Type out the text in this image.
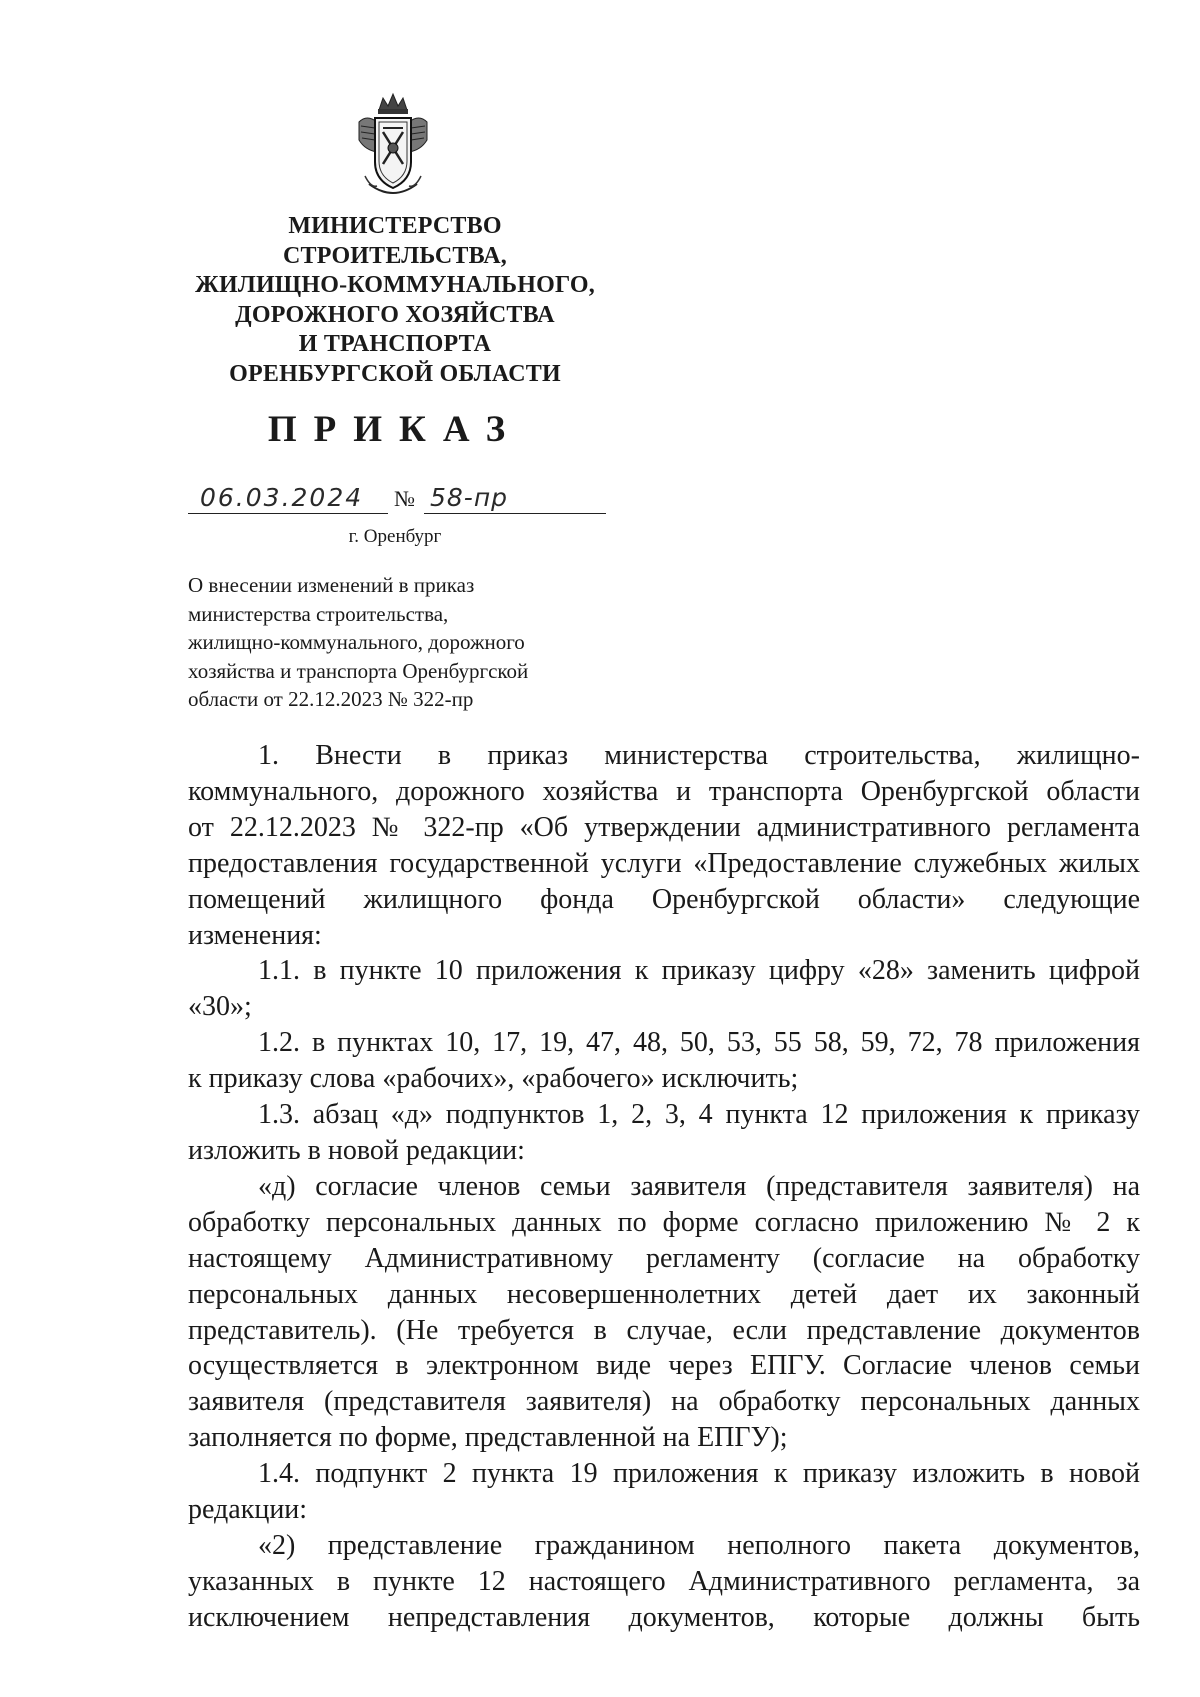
МИНИСТЕРСТВО
СТРОИТЕЛЬСТВА,
ЖИЛИЩНО-КОММУНАЛЬНОГО,
ДОРОЖНОГО ХОЗЯЙСТВА
И ТРАНСПОРТА
ОРЕНБУРГСКОЙ ОБЛАСТИ
ПРИКАЗ
06.03.2024	№ 58-пр
г. Оренбург
О внесении изменений в приказ
министерства строительства,
жилищно-коммунального, дорожного
хозяйства и транспорта Оренбургской
области от 22.12.2023 № 322-пр
1. Внести в приказ министерства строительства, жилищно-
коммунального, дорожного хозяйства и транспорта Оренбургской области
от 22.12.2023 № 322-пр «Об утверждении административного регламента
предоставления государственной услуги «Предоставление служебных жилых
помещений жилищного фонда Оренбургской области» следующие
изменения:
1.1. в пункте 10 приложения к приказу цифру «28» заменить цифрой
«30»;
1.2. в пунктах 10, 17, 19, 47, 48, 50, 53, 55 58, 59, 72, 78 приложения
к приказу слова «рабочих», «рабочего» исключить;
1.3. абзац «д» подпунктов 1, 2, 3, 4 пункта 12 приложения к приказу
изложить в новой редакции:
«д) согласие членов семьи заявителя (представителя заявителя) на
обработку персональных данных по форме согласно приложению № 2 к
настоящему Административному регламенту (согласие на обработку
персональных данных несовершеннолетних детей дает их законный
представитель). (Не требуется в случае, если представление документов
осуществляется в электронном виде через ЕПГУ. Согласие членов семьи
заявителя (представителя заявителя) на обработку персональных данных
заполняется по форме, представленной на ЕПГУ);
1.4. подпункт 2 пункта 19 приложения к приказу изложить в новой
редакции:
«2) представление гражданином неполного пакета документов,
указанных в пункте 12 настоящего Административного регламента, за
исключением непредставления документов, которые должны быть
